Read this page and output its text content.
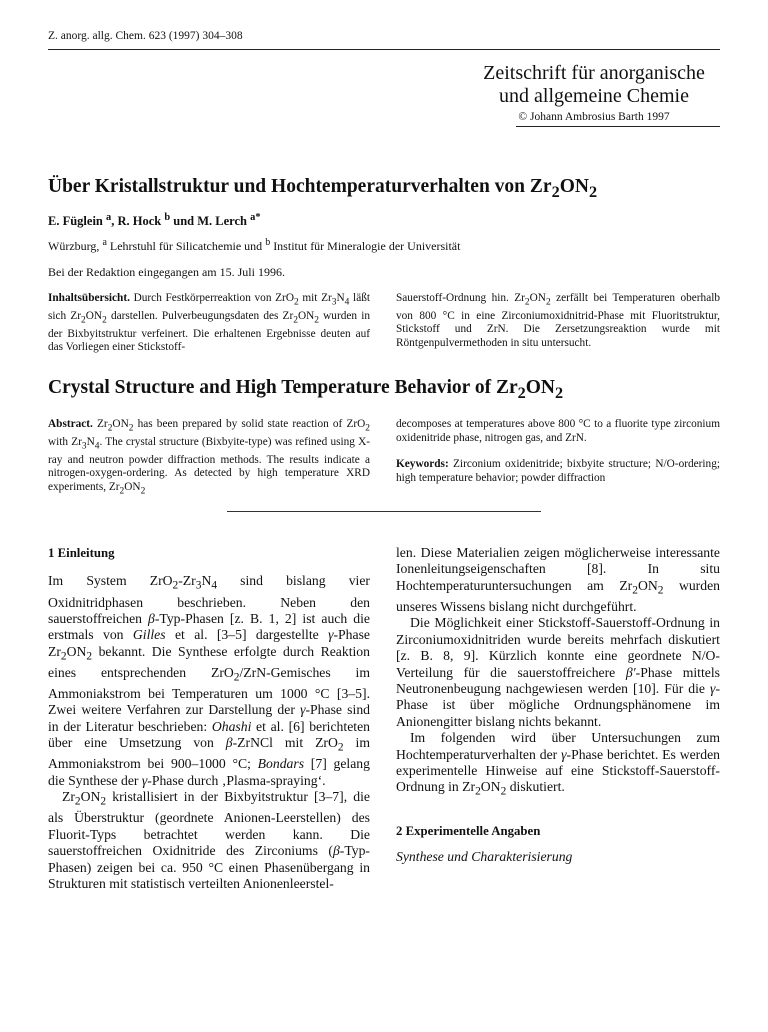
Z. anorg. allg. Chem. 623 (1997) 304–308
Zeitschrift für anorganische
und allgemeine Chemie
© Johann Ambrosius Barth 1997
Über Kristallstruktur und Hochtemperaturverhalten von $Zr_2ON_2$
E. Füglein $^a$, R. Hock $^b$ und M. Lerch $^{a*}$
Würzburg, $^a$ Lehrstuhl für Silicatchemie und $^b$ Institut für Mineralogie der Universität
Bei der Redaktion eingegangen am 15. Juli 1996.

Inhaltsübersicht. Durch Festkörperreaktion von ZrO$_2$ mit $Zr_3N_4$ läßt sich $Zr_2ON_2$ darstellen. Pulverbeugungsdaten des $Zr_2ON_2$ wurden in der Bixbyitstruktur verfeinert. Die erhaltenen Ergebnisse deuten auf das Vorliegen einer Stickstoff-

Sauerstoff-Ordnung hin. $Zr_2ON_2$ zerfällt bei Temperaturen oberhalb von 800 °C in eine Zirconiumoxidnitrid-Phase mit Fluoritstruktur, Stickstoff und ZrN. Die Zersetzungsreaktion wurde mit Röntgenpulvermethoden in situ untersucht.

Crystal Structure and High Temperature Behavior of $Zr_2ON_2$

Abstract. $Zr_2ON_2$ has been prepared by solid state reaction of ZrO$_2$ with $Zr_3N_4$. The crystal structure (Bixbyite-type) was refined using X-ray and neutron powder diffraction methods. The results indicate a nitrogen-oxygen-ordering. As detected by high temperature XRD experiments, $Zr_2ON_2$

decomposes at temperatures above 800 °C to a fluorite type zirconium oxidenitride phase, nitrogen gas, and ZrN.

Keywords: Zirconium oxidenitride; bixbyite structure; N/O-ordering; high temperature behavior; powder diffraction

1 Einleitung

Im System $ZrO_2-Zr_3N_4$ sind bislang vier Oxidnitridphasen beschrieben. Neben den sauerstoffreichen β-Typ-Phasen [z. B. 1, 2] ist auch die erstmals von Gilles et al. [3–5] dargestellte γ-Phase $Zr_2ON_2$ bekannt. Die Synthese erfolgte durch Reaktion eines entsprechenden ZrO$_2$/ZrN-Gemisches im Ammoniakstrom bei Temperaturen um 1000 °C [3–5]. Zwei weitere Verfahren zur Darstellung der γ-Phase sind in der Literatur beschrieben: Ohashi et al. [6] berichteten über eine Umsetzung von β-ZrNCl mit ZrO$_2$ im Ammoniakstrom bei 900–1000 °C; Bondars [7] gelang die Synthese der γ-Phase durch ‚Plasma-spraying‘.

$Zr_2ON_2$ kristallisiert in der Bixbyitstruktur [3–7], die als Überstruktur (geordnete Anionen-Leerstellen) des Fluorit-Typs betrachtet werden kann. Die sauerstoffreichen Oxidnitride des Zirconiums (β-Typ-Phasen) zeigen bei ca. 950 °C einen Phasenübergang in Strukturen mit statistisch verteilten Anionenleerstel-

len. Diese Materialien zeigen möglicherweise interessante Ionenleitungseigenschaften [8]. In situ Hochtemperaturuntersuchungen am $Zr_2ON_2$ wurden unseres Wissens bislang nicht durchgeführt.

Die Möglichkeit einer Stickstoff-Sauerstoff-Ordnung in Zirconiumoxidnitriden wurde bereits mehrfach diskutiert [z. B. 8, 9]. Kürzlich konnte eine geordnete N/O-Verteilung für die sauerstoffreichere β′-Phase mittels Neutronenbeugung nachgewiesen werden [10]. Für die γ-Phase ist über mögliche Ordnungsphänomene im Anionengitter bislang nichts bekannt.

Im folgenden wird über Untersuchungen zum Hochtemperaturverhalten der γ-Phase berichtet. Es werden experimentelle Hinweise auf eine Stickstoff-Sauerstoff-Ordnung in $Zr_2ON_2$ diskutiert.

2 Experimentelle Angaben

Synthese und Charakterisierung
